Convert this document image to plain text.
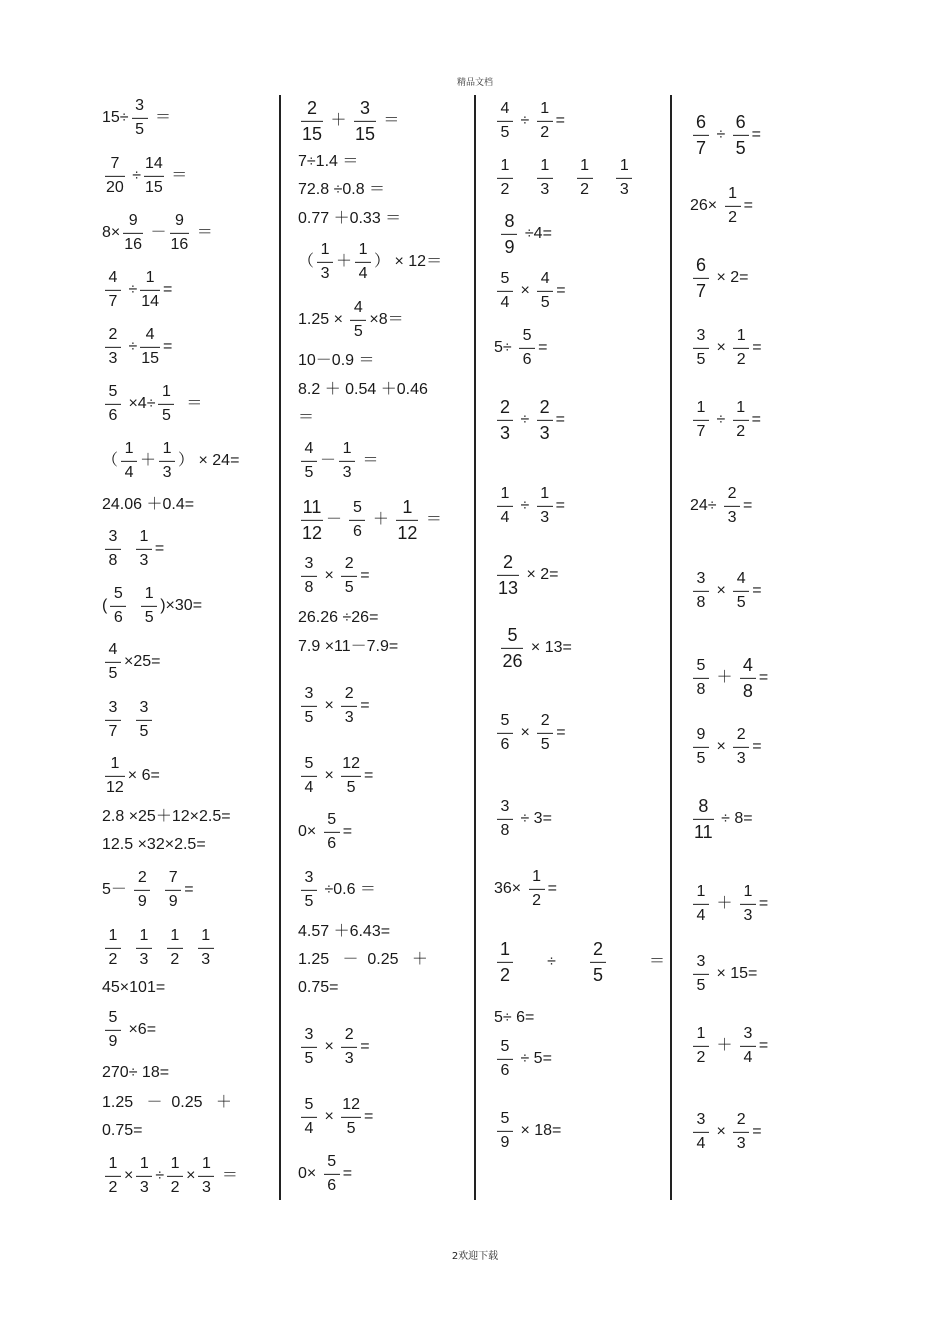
精品文档
15÷
3
5
＝
7
20
÷
14
15
＝
8×
9
16
－
9
16
＝
4
7
÷
1
14
=
2
3
÷
4
15
=
5
6
×4÷
1
5
＝
（
1
4
＋
1
3
） × 24=
24.06 ＋0.4=
3
8

1
3
=
(
5
6

1
5
)×30=
4
5
×25=
3
7

3
5
1
12
× 6=
2.8 ×25＋12×2.5=
12.5 ×32×2.5=
5－
2
9

7
9
=
1
2

1
3

1
2

1
3
45×101=
5
9
×6=
270÷ 18=
1.25   －  0.25   ＋
0.75=
1
2
×
1
3
÷
1
2
×
1
3
＝
2
15
＋
3
15
＝
7÷1.4 ＝
72.8 ÷0.8 ＝
0.77 ＋0.33 ＝
（
1
3
＋
1
4
） × 12＝
1.25 ×
4
5
×8＝
10－0.9 ＝
8.2 ＋ 0.54 ＋0.46
＝
4
5
－
1
3
＝
11
12
－
5
6
＋
1
12
＝
3
8
×
2
5
=
26.26 ÷26=
7.9 ×11－7.9=
3
5
×
2
3
=
5
4
×
12
5
=
0×
5
6
=
3
5
÷0.6 ＝
4.57 ＋6.43=
1.25   －  0.25   ＋
0.75=
3
5
×
2
3
=
5
4
×
12
5
=
0×
5
6
=
4
5
÷
1
2
=
1
2

1
3

1
2

1
3

8
9
÷4=
5
4
×
4
5
=
5÷
5
6
=
2
3
÷
2
3
=
1
4
÷
1
3
=
2
13
× 2=

5
26
× 13=
5
6
×
2
5
=
3
8
÷ 3=
36×
1
2
=
1
2
÷
2
5
＝
5÷ 6=
5
6
÷ 5=
5
9
× 18=
6
7
÷
6
5
=
26×
1
2
=
6
7
× 2=
3
5
×
1
2
=
1
7
÷
1
2
=
24÷
2
3
=
3
8
×
4
5
=
5
8
＋
4
8
=
9
5
×
2
3
=
8
11
÷ 8=
1
4
＋
1
3
=
3
5
× 15=
1
2
＋
3
4
=
3
4
×
2
3
=
2欢迎下载
